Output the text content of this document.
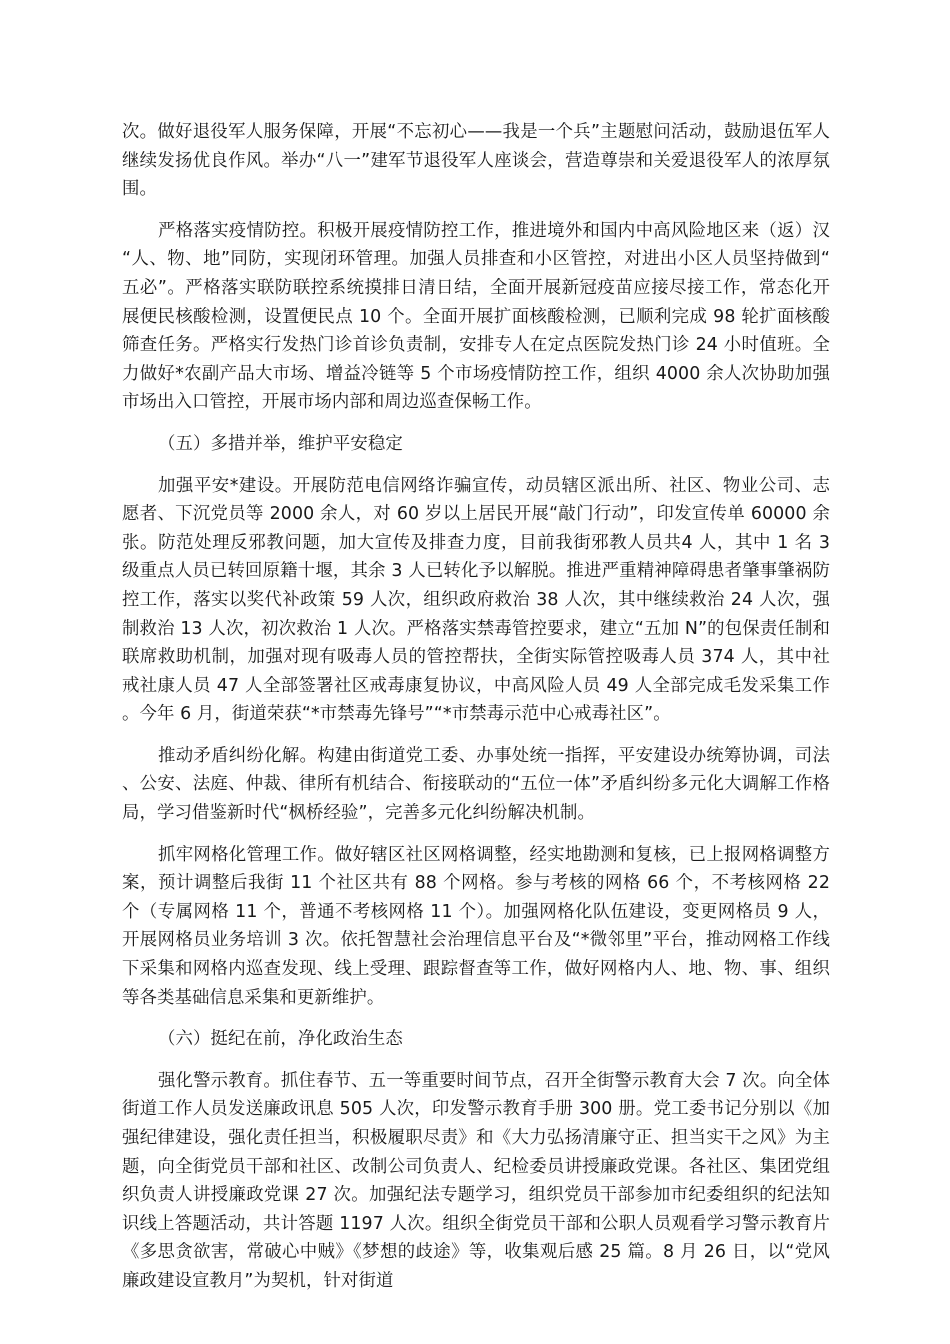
次。做好退役军人服务保障，开展“不忘初心——我是一个兵”主题慰问活动，鼓励退伍军人继续发扬优良作风。举办“八一”建军节退役军人座谈会，营造尊崇和关爱退役军人的浓厚氛围。

严格落实疫情防控。积极开展疫情防控工作，推进境外和国内中高风险地区来（返）汉“人、物、地”同防，实现闭环管理。加强人员排查和小区管控，对进出小区人员坚持做到“五必”。严格落实联防联控系统摸排日清日结，全面开展新冠疫苗应接尽接工作，常态化开展便民核酸检测，设置便民点 10 个。全面开展扩面核酸检测，已顺利完成 98 轮扩面核酸筛查任务。严格实行发热门诊首诊负责制，安排专人在定点医院发热门诊 24 小时值班。全力做好*农副产品大市场、增益冷链等 5 个市场疫情防控工作，组织 4000 余人次协助加强市场出入口管控，开展市场内部和周边巡查保畅工作。

（五）多措并举，维护平安稳定

加强平安*建设。开展防范电信网络诈骗宣传，动员辖区派出所、社区、物业公司、志愿者、下沉党员等 2000 余人，对 60 岁以上居民开展“敲门行动”，印发宣传单 60000 余张。防范处理反邪教问题，加大宣传及排查力度，目前我街邪教人员共4 人，其中 1 名 3 级重点人员已转回原籍十堰，其余 3 人已转化予以解脱。推进严重精神障碍患者肇事肇祸防控工作，落实以奖代补政策 59 人次，组织政府救治 38 人次，其中继续救治 24 人次，强制救治 13 人次，初次救治 1 人次。严格落实禁毒管控要求，建立“五加 N”的包保责任制和联席救助机制，加强对现有吸毒人员的管控帮扶，全街实际管控吸毒人员 374 人，其中社戒社康人员 47 人全部签署社区戒毒康复协议，中高风险人员 49 人全部完成毛发采集工作。今年 6 月，街道荣获“*市禁毒先锋号”“*市禁毒示范中心戒毒社区”。

推动矛盾纠纷化解。构建由街道党工委、办事处统一指挥，平安建设办统筹协调，司法、公安、法庭、仲裁、律所有机结合、衔接联动的“五位一体”矛盾纠纷多元化大调解工作格局，学习借鉴新时代“枫桥经验”，完善多元化纠纷解决机制。

抓牢网格化管理工作。做好辖区社区网格调整，经实地勘测和复核，已上报网格调整方案，预计调整后我街 11 个社区共有 88 个网格。参与考核的网格 66 个，不考核网格 22 个（专属网格 11 个，普通不考核网格 11 个）。加强网格化队伍建设，变更网格员 9 人，开展网格员业务培训 3 次。依托智慧社会治理信息平台及“*微邻里”平台，推动网格工作线下采集和网格内巡查发现、线上受理、跟踪督查等工作，做好网格内人、地、物、事、组织等各类基础信息采集和更新维护。

（六）挺纪在前，净化政治生态

强化警示教育。抓住春节、五一等重要时间节点，召开全街警示教育大会 7 次。向全体街道工作人员发送廉政讯息 505 人次，印发警示教育手册 300 册。党工委书记分别以《加强纪律建设，强化责任担当，积极履职尽责》和《大力弘扬清廉守正、担当实干之风》为主题，向全街党员干部和社区、改制公司负责人、纪检委员讲授廉政党课。各社区、集团党组织负责人讲授廉政党课 27 次。加强纪法专题学习，组织党员干部参加市纪委组织的纪法知识线上答题活动，共计答题 1197 人次。组织全街党员干部和公职人员观看学习警示教育片《多思贪欲害，常破心中贼》《梦想的歧途》等，收集观后感 25 篇。8 月 26 日，以“党风廉政建设宣教月”为契机，针对街道
